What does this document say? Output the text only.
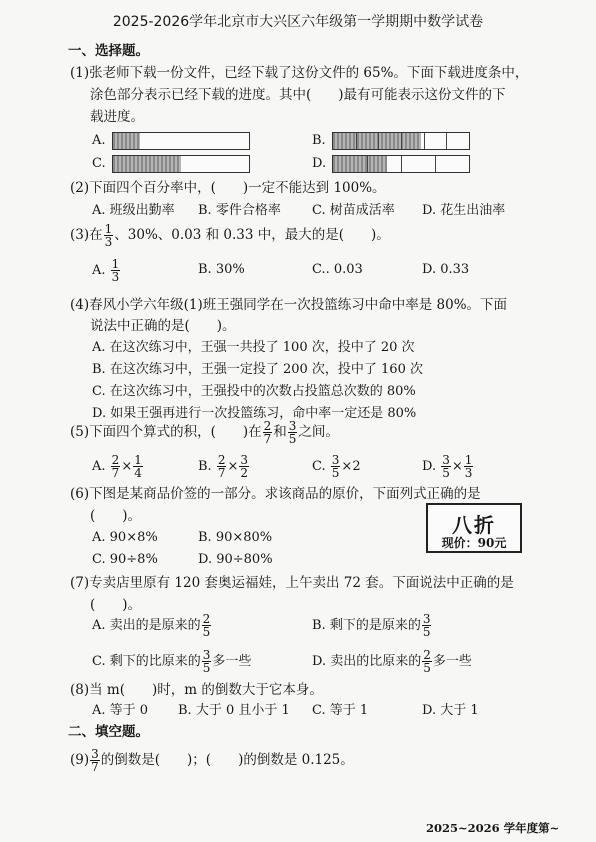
2025-2026学年北京市大兴区六年级第一学期期中数学试卷
一、选择题。
(1)张老师下载一份文件，已经下载了这份文件的 65%。下面下载进度条中，
涂色部分表示已经下载的进度。其中(　　)最有可能表示这份文件的下
载进度。
A.	B.
C.	D.
(2)下面四个百分率中，(　　)一定不能达到 100%。
A. 班级出勤率 B. 零件合格率 C. 树苗成活率 D. 花生出油率
(3)在 $\frac{1}{3}$ 、30%、0.03 和 0.33 中，最大的是(　　)。
A. $\frac{1}{3}$	B. 30%	C.. 0.03	D. 0.33
(4)春风小学六年级(1)班王强同学在一次投篮练习中命中率是 80%。下面
说法中正确的是(　　)。
A. 在这次练习中，王强一共投了 100 次，投中了 20 次
B. 在这次练习中，王强一定投了 200 次，投中了 160 次
C. 在这次练习中，王强投中的次数占投篮总次数的 80%
D. 如果王强再进行一次投篮练习，命中率一定还是 80%
(5)下面四个算式的积，(　　)在 $\frac{2}{7}$ 和 $\frac{3}{5}$ 之间。
A. $\frac{2}{7} \times \frac{1}{4}$	B. $\frac{2}{7} \times \frac{3}{2}$	C. $\frac{3}{5} \times 2$	D. $\frac{3}{5} \times \frac{1}{3}$
(6)下图是某商品价签的一部分。求该商品的原价，下面列式正确的是
(　　)。
A. 90×8%	B. 90×80%
C. 90÷8%	D. 90÷80%
八折
现价：90元
(7)专卖店里原有 120 套奥运福娃，上午卖出 72 套。下面说法中正确的是
(　　)。
A. 卖出的是原来的 $\frac{2}{5}$	B. 剩下的是原来的 $\frac{3}{5}$
C. 剩下的比原来的 $\frac{3}{5}$ 多一些	D. 卖出的比原来的 $\frac{2}{5}$ 多一些
(8)当 m(　　)时，m 的倒数大于它本身。
A. 等于 0 B. 大于 0 且小于 1 C. 等于 1	D. 大于 1
二、填空题。
$(9) \frac{3}{7}$ 的倒数是(　　)；(　　)的倒数是 0.125。
2025~2026 学年度第~
